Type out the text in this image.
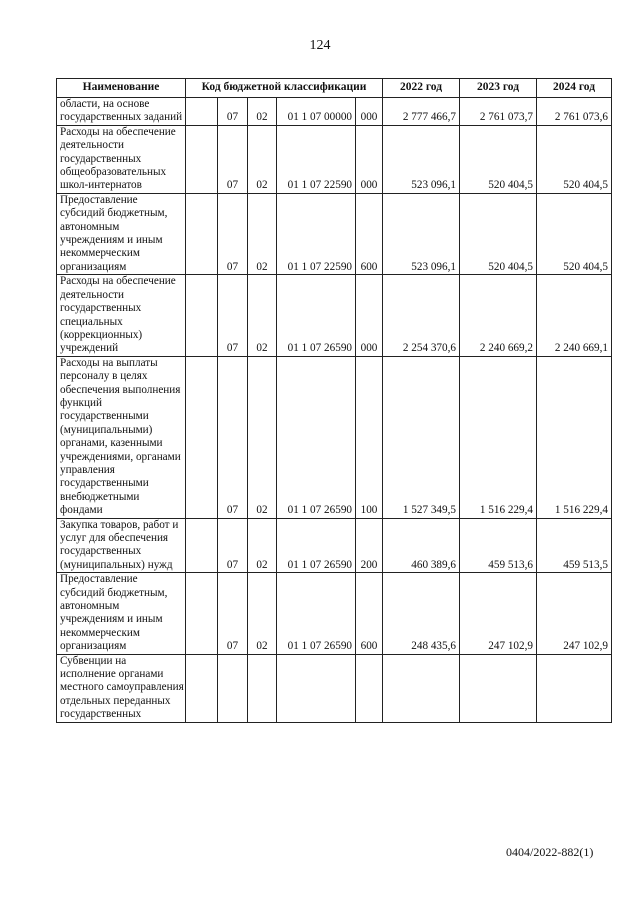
124
Наименование	Код бюджетной классификации					2022 год	2023 год	2024 год
области, на основе государственных заданий		07	02	01 1 07 00000	000	2 777 466,7	2 761 073,7	2 761 073,6
Расходы на обеспечение деятельности государственных общеобразовательных школ-интернатов		07	02	01 1 07 22590	000	523 096,1	520 404,5	520 404,5
Предоставление субсидий бюджетным, автономным учреждениям и иным некоммерческим организациям		07	02	01 1 07 22590	600	523 096,1	520 404,5	520 404,5
Расходы на обеспечение деятельности государственных специальных (коррекционных) учреждений		07	02	01 1 07 26590	000	2 254 370,6	2 240 669,2	2 240 669,1
Расходы на выплаты персоналу в целях обеспечения выполнения функций государственными (муниципальными) органами, казенными учреждениями, органами управления государственными внебюджетными фондами		07	02	01 1 07 26590	100	1 527 349,5	1 516 229,4	1 516 229,4
Закупка товаров, работ и услуг для обеспечения государственных (муниципальных) нужд		07	02	01 1 07 26590	200	460 389,6	459 513,6	459 513,5
Предоставление субсидий бюджетным, автономным учреждениям и иным некоммерческим организациям		07	02	01 1 07 26590	600	248 435,6	247 102,9	247 102,9
Субвенции на исполнение органами местного самоуправления отдельных переданных государственных								
0404/2022-882(1)
